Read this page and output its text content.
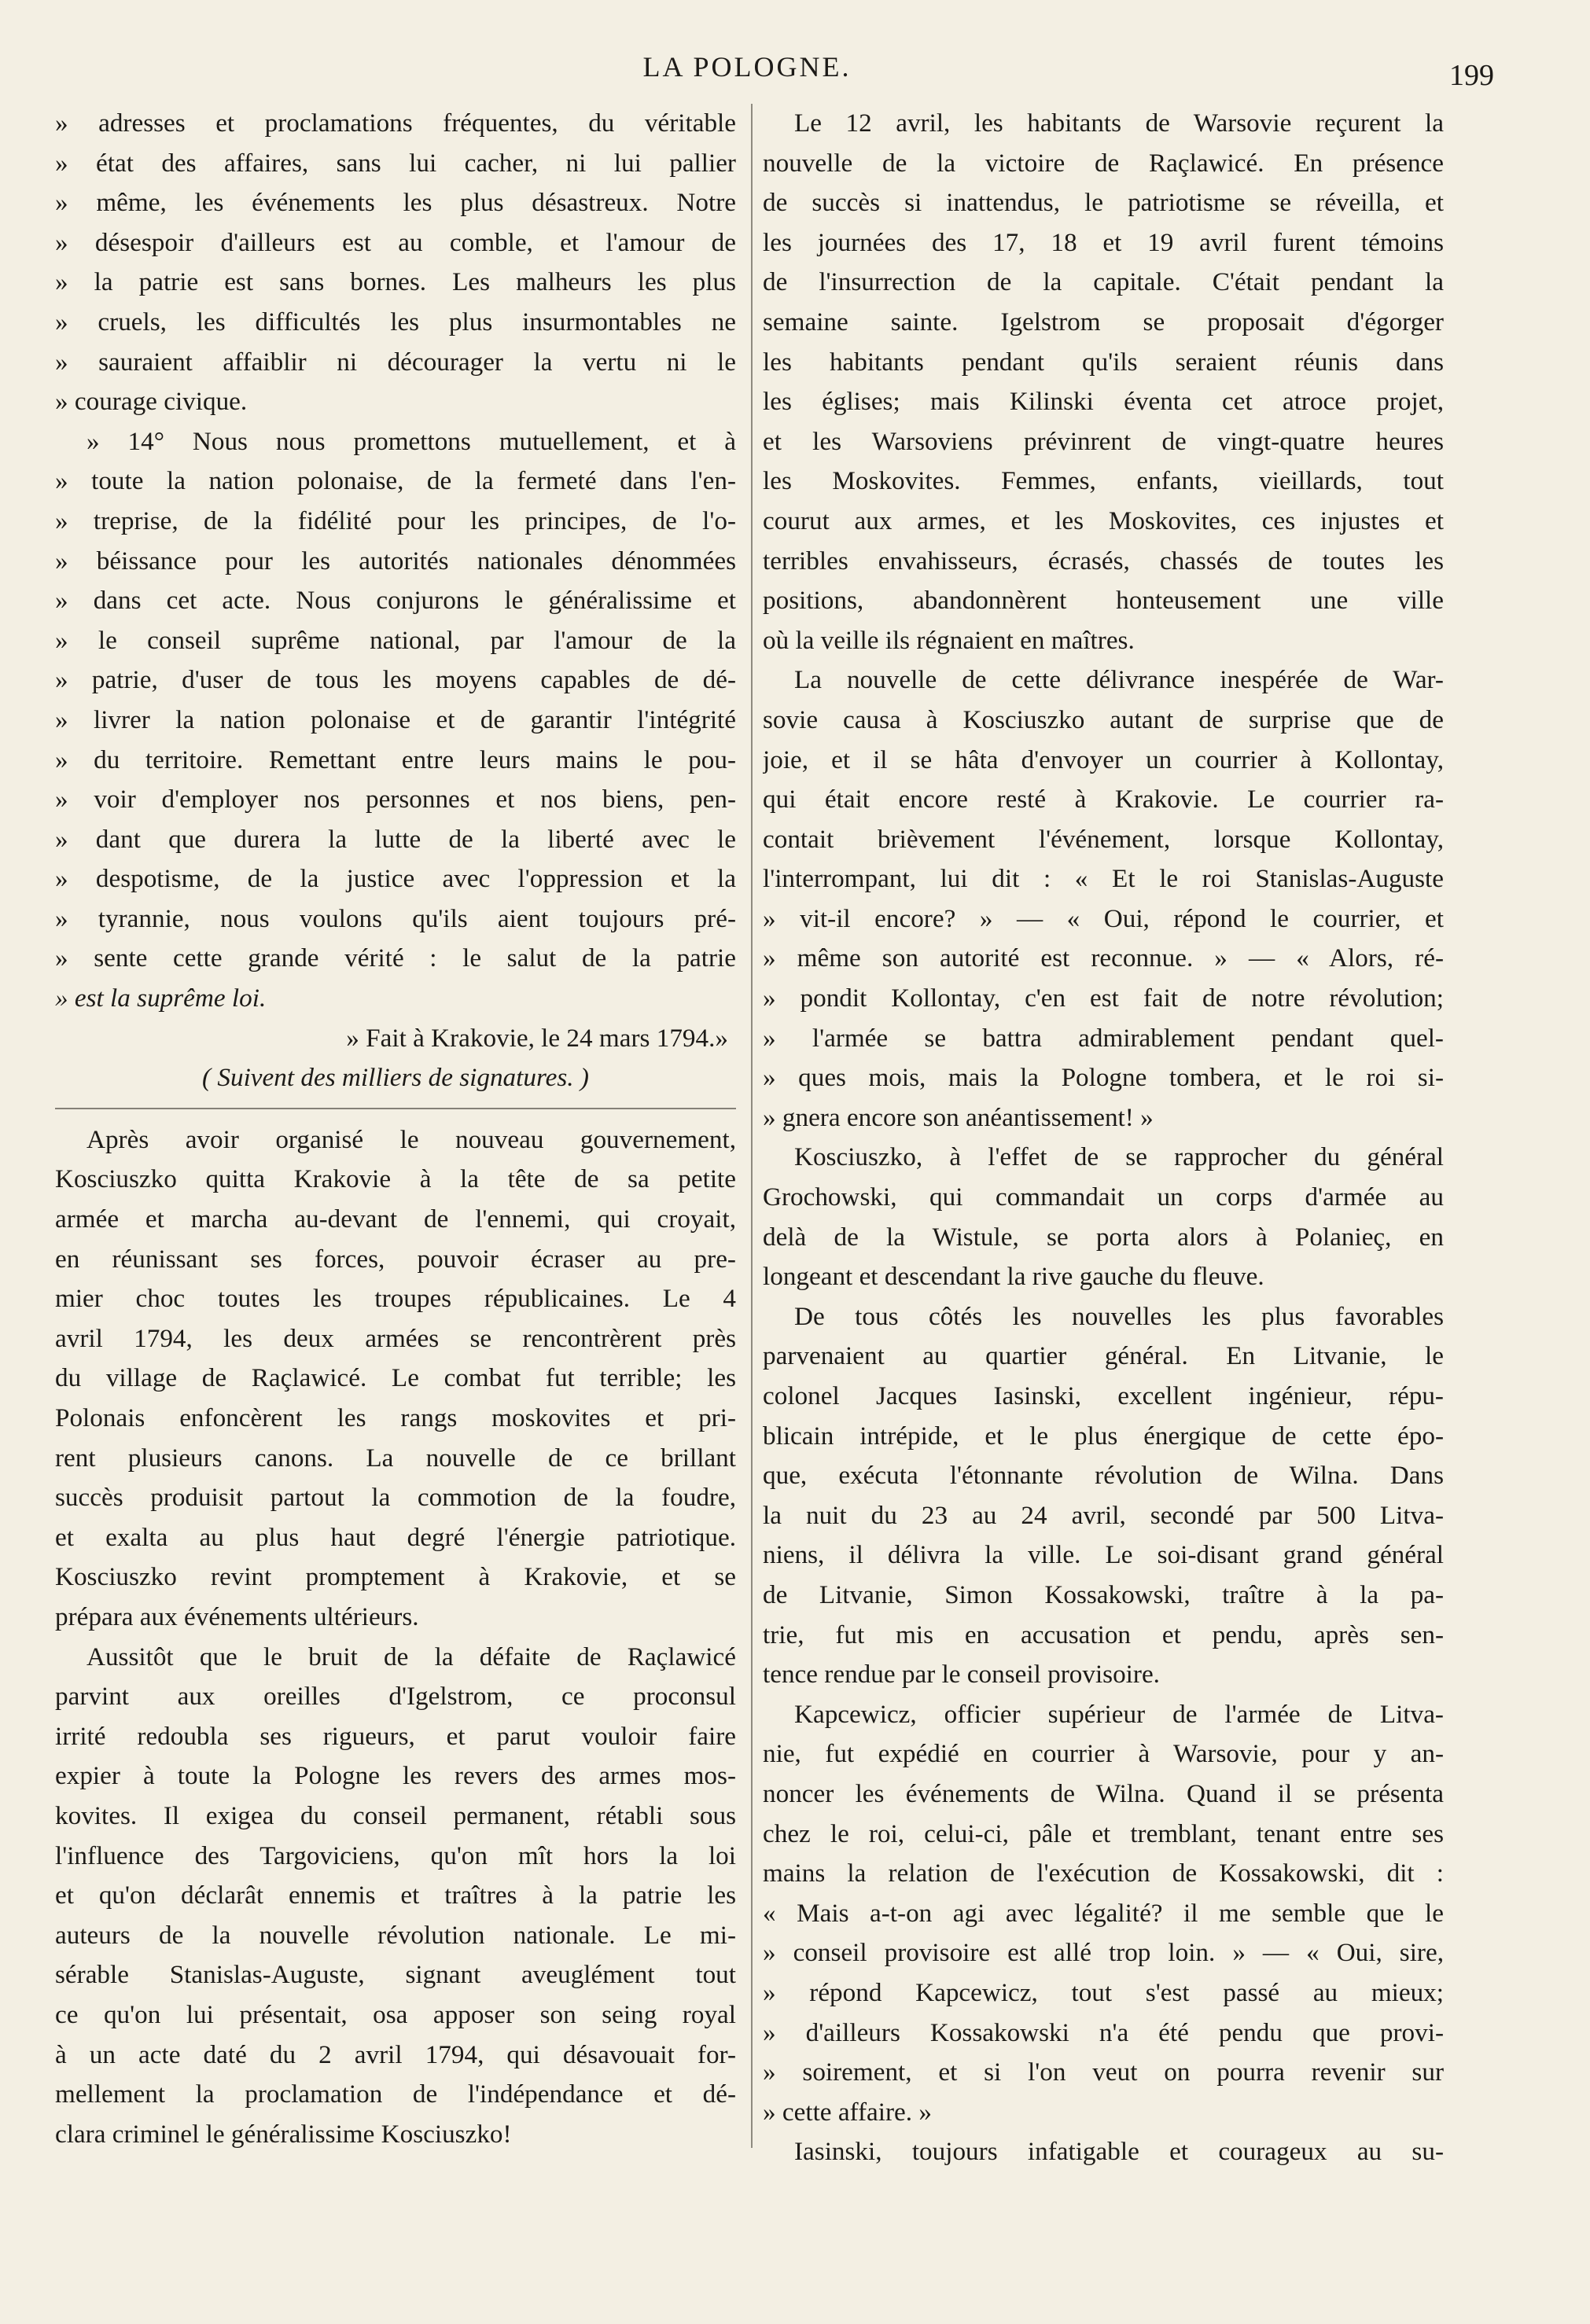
LA POLOGNE.	199
» adresses et proclamations fréquentes, du véritable
» état des affaires, sans lui cacher, ni lui pallier
» même, les événements les plus désastreux. Notre
» désespoir d'ailleurs est au comble, et l'amour de
» la patrie est sans bornes. Les malheurs les plus
» cruels, les difficultés les plus insurmontables ne
» sauraient affaiblir ni décourager la vertu ni le
» courage civique.
» 14° Nous nous promettons mutuellement, et à
» toute la nation polonaise, de la fermeté dans l'en-
» treprise, de la fidélité pour les principes, de l'o-
» béissance pour les autorités nationales dénommées
» dans cet acte. Nous conjurons le généralissime et
» le conseil suprême national, par l'amour de la
» patrie, d'user de tous les moyens capables de dé-
» livrer la nation polonaise et de garantir l'intégrité
» du territoire. Remettant entre leurs mains le pou-
» voir d'employer nos personnes et nos biens, pen-
» dant que durera la lutte de la liberté avec le
» despotisme, de la justice avec l'oppression et la
» tyrannie, nous voulons qu'ils aient toujours pré-
» sente cette grande vérité : le salut de la patrie
» est la suprême loi.
» Fait à Krakovie, le 24 mars 1794.»
( Suivent des milliers de signatures. )
Après avoir organisé le nouveau gouvernement,
Kosciuszko quitta Krakovie à la tête de sa petite
armée et marcha au-devant de l'ennemi, qui croyait,
en réunissant ses forces, pouvoir écraser au pre-
mier choc toutes les troupes républicaines. Le 4
avril 1794, les deux armées se rencontrèrent près
du village de Raçlawicé. Le combat fut terrible; les
Polonais enfoncèrent les rangs moskovites et pri-
rent plusieurs canons. La nouvelle de ce brillant
succès produisit partout la commotion de la foudre,
et exalta au plus haut degré l'énergie patriotique.
Kosciuszko revint promptement à Krakovie, et se
prépara aux événements ultérieurs.
Aussitôt que le bruit de la défaite de Raçlawicé
parvint aux oreilles d'Igelstrom, ce proconsul
irrité redoubla ses rigueurs, et parut vouloir faire
expier à toute la Pologne les revers des armes mos-
kovites. Il exigea du conseil permanent, rétabli sous
l'influence des Targoviciens, qu'on mît hors la loi
et qu'on déclarât ennemis et traîtres à la patrie les
auteurs de la nouvelle révolution nationale. Le mi-
sérable Stanislas-Auguste, signant aveuglément tout
ce qu'on lui présentait, osa apposer son seing royal
à un acte daté du 2 avril 1794, qui désavouait for-
mellement la proclamation de l'indépendance et dé-
clara criminel le généralissime Kosciuszko!
Le 12 avril, les habitants de Warsovie reçurent la
nouvelle de la victoire de Raçlawicé. En présence
de succès si inattendus, le patriotisme se réveilla, et
les journées des 17, 18 et 19 avril furent témoins
de l'insurrection de la capitale. C'était pendant la
semaine sainte. Igelstrom se proposait d'égorger
les habitants pendant qu'ils seraient réunis dans
les églises; mais Kilinski éventa cet atroce projet,
et les Warsoviens prévinrent de vingt-quatre heures
les Moskovites. Femmes, enfants, vieillards, tout
courut aux armes, et les Moskovites, ces injustes et
terribles envahisseurs, écrasés, chassés de toutes les
positions, abandonnèrent honteusement une ville
où la veille ils régnaient en maîtres.
La nouvelle de cette délivrance inespérée de War-
sovie causa à Kosciuszko autant de surprise que de
joie, et il se hâta d'envoyer un courrier à Kollontay,
qui était encore resté à Krakovie. Le courrier ra-
contait brièvement l'événement, lorsque Kollontay,
l'interrompant, lui dit : « Et le roi Stanislas-Auguste
» vit-il encore? » — « Oui, répond le courrier, et
» même son autorité est reconnue. » — « Alors, ré-
» pondit Kollontay, c'en est fait de notre révolution;
» l'armée se battra admirablement pendant quel-
» ques mois, mais la Pologne tombera, et le roi si-
» gnera encore son anéantissement! »
Kosciuszko, à l'effet de se rapprocher du général
Grochowski, qui commandait un corps d'armée au
delà de la Wistule, se porta alors à Polanieç, en
longeant et descendant la rive gauche du fleuve.
De tous côtés les nouvelles les plus favorables
parvenaient au quartier général. En Litvanie, le
colonel Jacques Iasinski, excellent ingénieur, répu-
blicain intrépide, et le plus énergique de cette épo-
que, exécuta l'étonnante révolution de Wilna. Dans
la nuit du 23 au 24 avril, secondé par 500 Litva-
niens, il délivra la ville. Le soi-disant grand général
de Litvanie, Simon Kossakowski, traître à la pa-
trie, fut mis en accusation et pendu, après sen-
tence rendue par le conseil provisoire.
Kapcewicz, officier supérieur de l'armée de Litva-
nie, fut expédié en courrier à Warsovie, pour y an-
noncer les événements de Wilna. Quand il se présenta
chez le roi, celui-ci, pâle et tremblant, tenant entre ses
mains la relation de l'exécution de Kossakowski, dit :
« Mais a-t-on agi avec légalité? il me semble que le
» conseil provisoire est allé trop loin. » — « Oui, sire,
» répond Kapcewicz, tout s'est passé au mieux;
» d'ailleurs Kossakowski n'a été pendu que provi-
» soirement, et si l'on veut on pourra revenir sur
» cette affaire. »
Iasinski, toujours infatigable et courageux au su-
